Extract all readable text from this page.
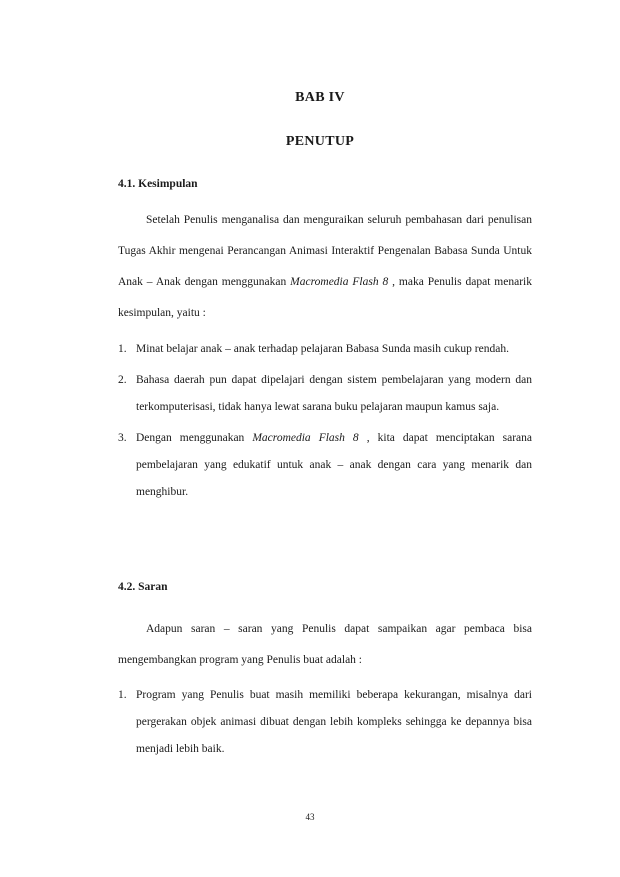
BAB IV
PENUTUP
4.1. Kesimpulan

Setelah Penulis menganalisa dan menguraikan seluruh pembahasan dari penulisan Tugas Akhir mengenai Perancangan Animasi Interaktif Pengenalan Babasa Sunda Untuk Anak – Anak dengan menggunakan Macromedia Flash 8 , maka Penulis dapat menarik kesimpulan, yaitu :

1. Minat belajar anak – anak terhadap pelajaran Babasa Sunda masih cukup rendah.
2. Bahasa daerah pun dapat dipelajari dengan sistem pembelajaran yang modern dan terkomputerisasi, tidak hanya lewat sarana buku pelajaran maupun kamus saja.
3. Dengan menggunakan Macromedia Flash 8 , kita dapat menciptakan sarana pembelajaran yang edukatif untuk anak – anak dengan cara yang menarik dan menghibur.
4.2. Saran

Adapun saran – saran yang Penulis dapat sampaikan agar pembaca bisa mengembangkan program yang Penulis buat adalah :

1. Program yang Penulis buat masih memiliki beberapa kekurangan, misalnya dari pergerakan objek animasi dibuat dengan lebih kompleks sehingga ke depannya bisa menjadi lebih baik.
43
